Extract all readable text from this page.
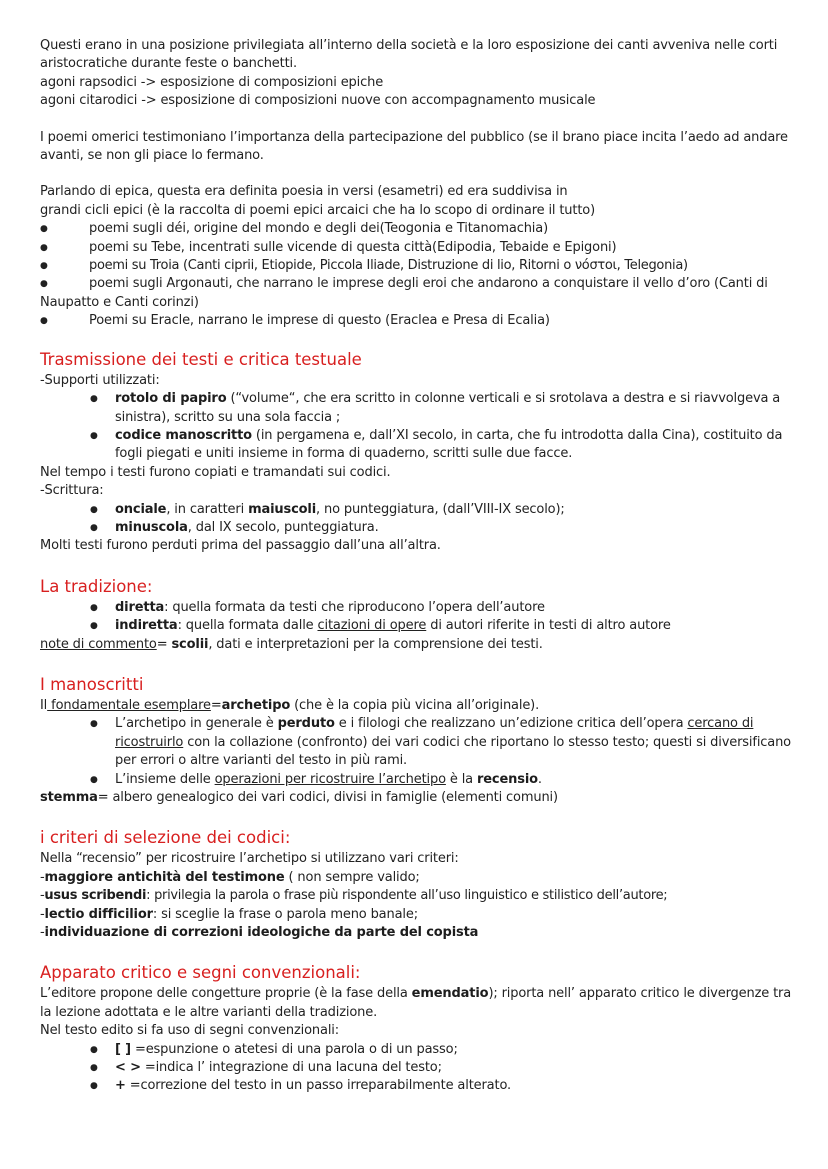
Questi erano in una posizione privilegiata all’interno della società e la loro esposizione dei canti avveniva nelle corti aristocratiche durante feste o banchetti.

agoni rapsodici -> esposizione di composizioni epiche

agoni citarodici -> esposizione di composizioni nuove con accompagnamento musicale

I poemi omerici testimoniano l’importanza della partecipazione del pubblico (se il brano piace incita l’aedo ad andare avanti, se non gli piace lo fermano.

Parlando di epica, questa era definita poesia in versi (esametri) ed era suddivisa in

grandi cicli epici (è la raccolta di poemi epici arcaici che ha lo scopo di ordinare il tutto)

● poemi sugli déi, origine del mondo e degli dei(Teogonia e Titanomachia)
● poemi su Tebe, incentrati sulle vicende di questa città(Edipodia, Tebaide e Epigoni)
● poemi su Troia (Canti ciprii, Etiopide, Piccola Iliade, Distruzione di lio, Ritorni o νόστοι, Telegonia)
● poemi sugli Argonauti, che narrano le imprese degli eroi che andarono a conquistare il vello d’oro (Canti di Naupatto e Canti corinzi)
● Poemi su Eracle, narrano le imprese di questo (Eraclea e Presa di Ecalia)
Trasmissione dei testi e critica testuale

-Supporti utilizzati:

● rotolo di papiro (“volume“, che era scritto in colonne verticali e si srotolava a destra e si riavvolgeva a sinistra), scritto su una sola faccia ;
● codice manoscritto (in pergamena e, dall’XI secolo, in carta, che fu introdotta dalla Cina), costituito da fogli piegati e uniti insieme in forma di quaderno, scritti sulle due facce.

Nel tempo i testi furono copiati e tramandati sui codici.

-Scrittura:

● onciale, in caratteri maiuscoli, no punteggiatura, (dall’VIII-IX secolo);
● minuscola, dal IX secolo, punteggiatura.

Molti testi furono perduti prima del passaggio dall’una all’altra.

La tradizione:
● diretta: quella formata da testi che riproducono l’opera dell’autore
● indiretta: quella formata dalle citazioni di opere di autori riferite in testi di altro autore

note di commento= scolii, dati e interpretazioni per la comprensione dei testi.

I manoscritti

Il fondamentale esemplare=archetipo (che è la copia più vicina all’originale).

● L’archetipo in generale è perduto e i filologi che realizzano un’edizione critica dell’opera cercano di ricostruirlo con la collazione (confronto) dei vari codici che riportano lo stesso testo; questi si diversificano per errori o altre varianti del testo in più rami.
● L’insieme delle operazioni per ricostruire l’archetipo è la recensio.

stemma= albero genealogico dei vari codici, divisi in famiglie (elementi comuni)

i criteri di selezione dei codici:

Nella “recensio” per ricostruire l’archetipo si utilizzano vari criteri:

-maggiore antichità del testimone ( non sempre valido;

-usus scribendi: privilegia la parola o frase più rispondente all’uso linguistico e stilistico dell’autore;

-lectio difficilior: si sceglie la frase o parola meno banale;

-individuazione di correzioni ideologiche da parte del copista

Apparato critico e segni convenzionali:

L’editore propone delle congetture proprie (è la fase della emendatio); riporta nell’ apparato critico le divergenze tra la lezione adottata e le altre varianti della tradizione.

Nel testo edito si fa uso di segni convenzionali:

● [ ] =espunzione o atetesi di una parola o di un passo;
● < > =indica l’ integrazione di una lacuna del testo;
● + =correzione del testo in un passo irreparabilmente alterato.
